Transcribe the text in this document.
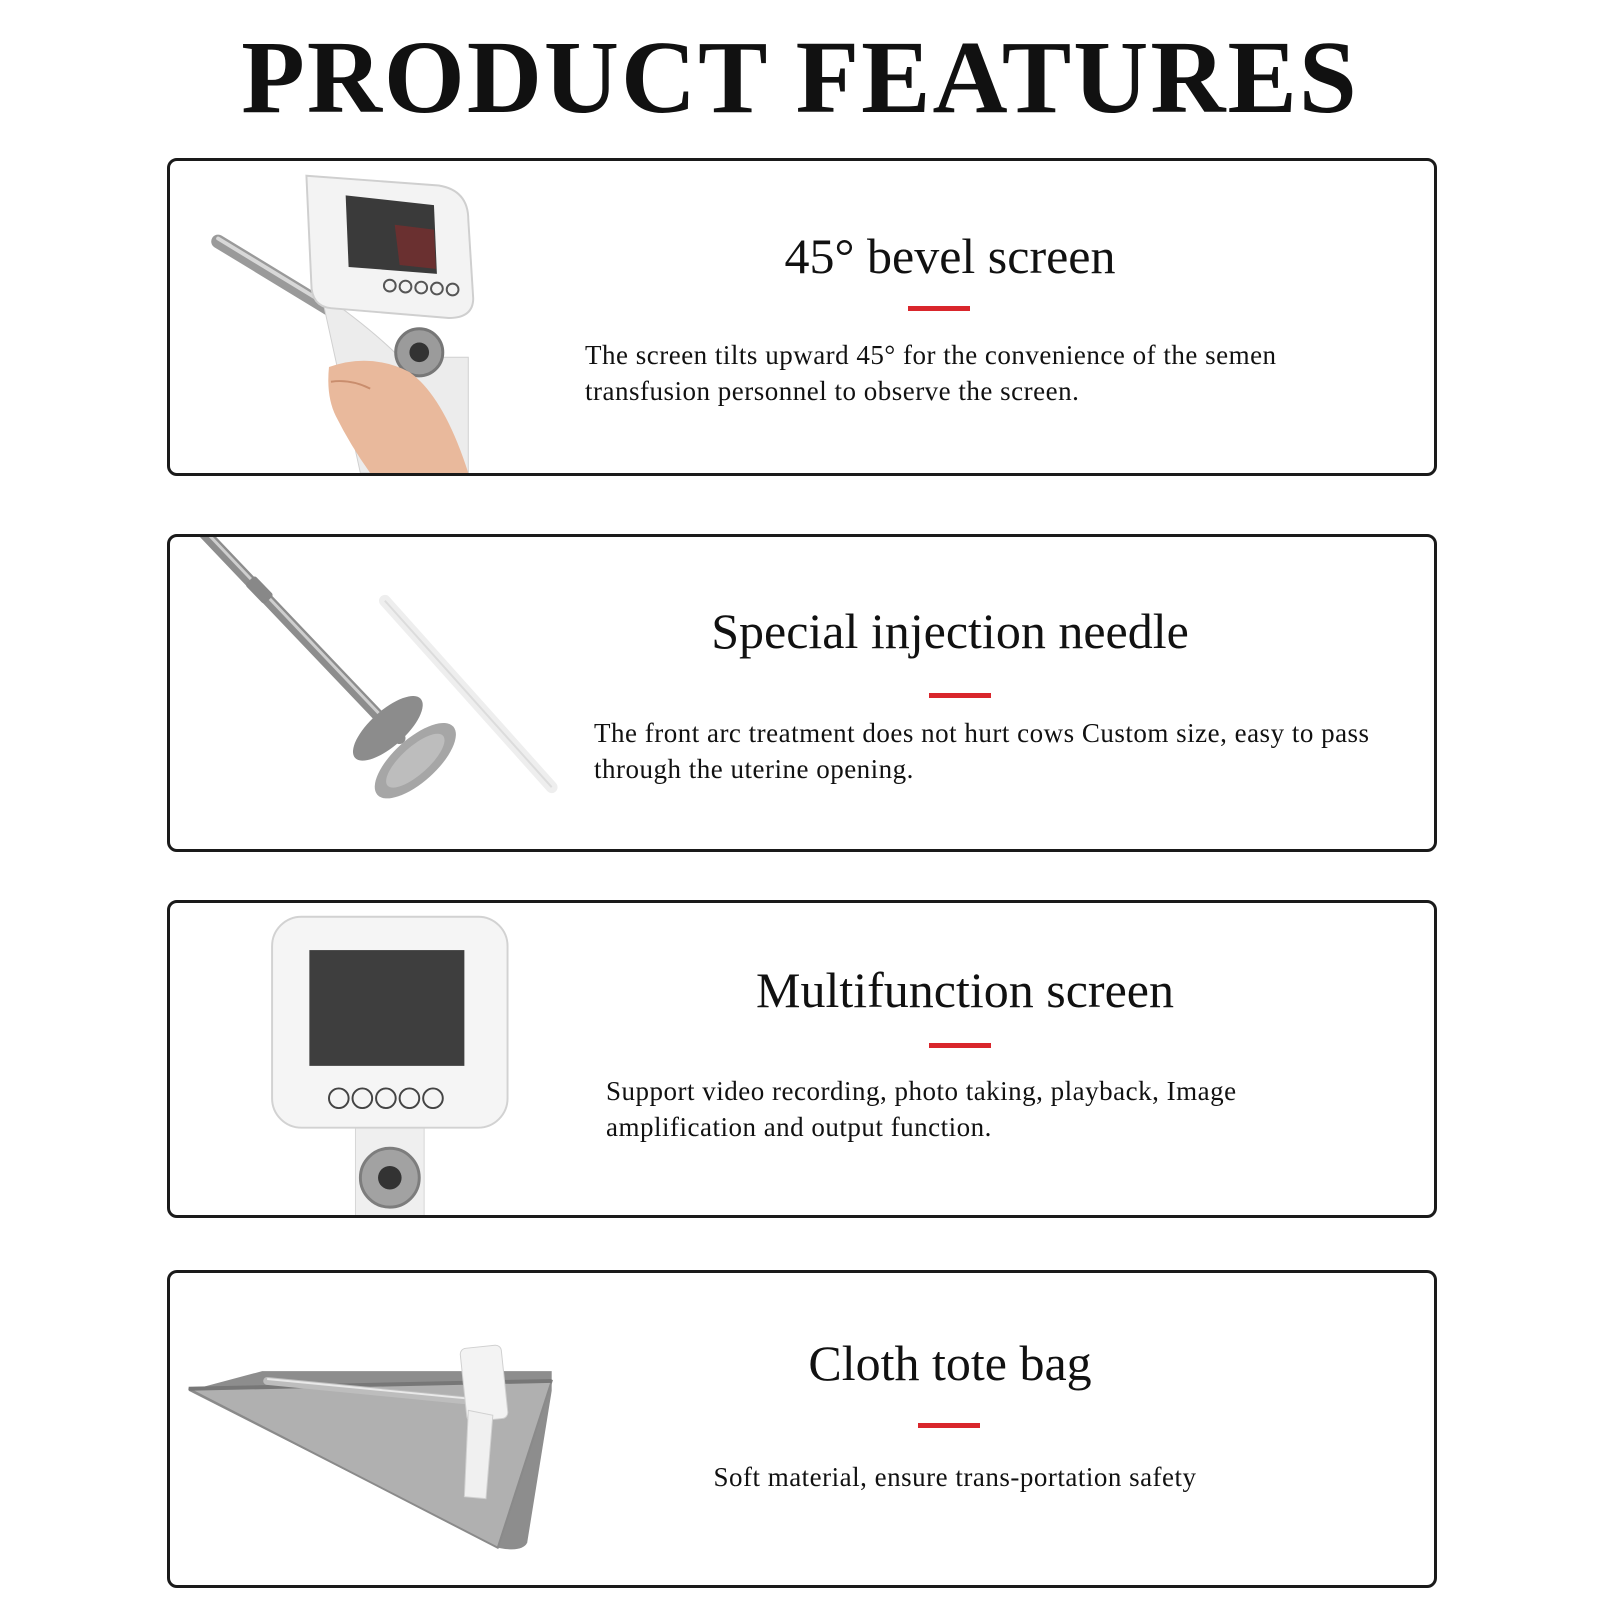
PRODUCT FEATURES
45° bevel screen

The screen tilts upward 45° for the convenience of the semen transfusion personnel to observe the screen.

Special injection needle

The front arc treatment does not hurt cows Custom size, easy to pass through the uterine opening.

Multifunction screen

Support video recording, photo taking, playback, Image amplification and output function.

Cloth tote bag

Soft material, ensure trans-portation safety
